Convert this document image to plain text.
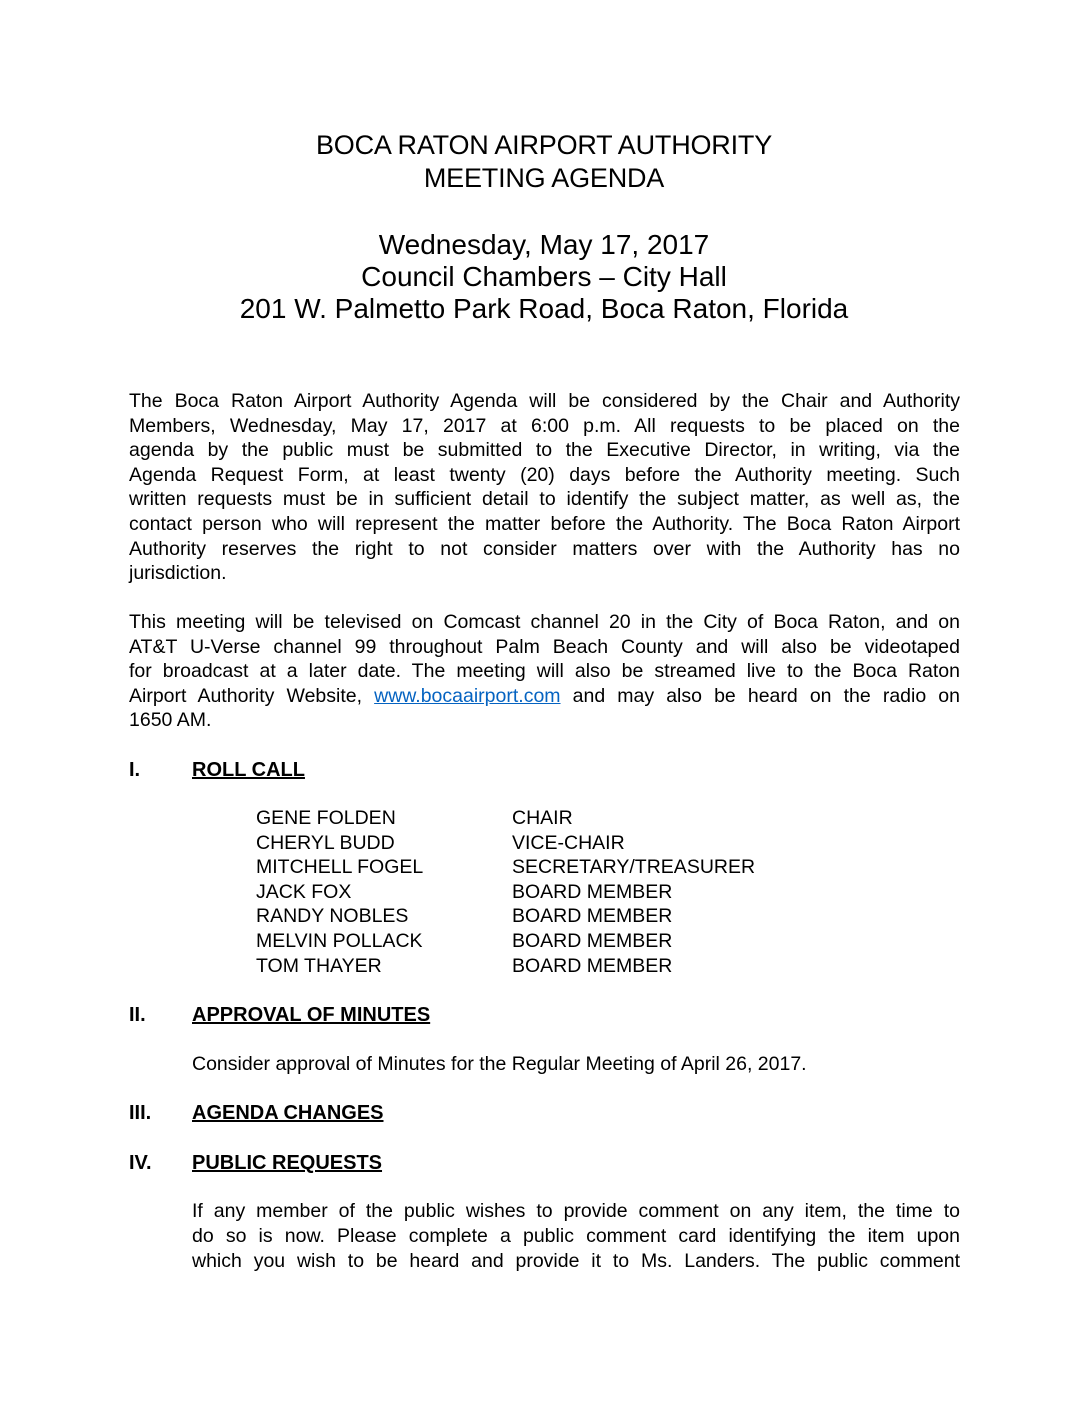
BOCA RATON AIRPORT AUTHORITY
MEETING AGENDA
Wednesday, May 17, 2017
Council Chambers – City Hall
201 W. Palmetto Park Road, Boca Raton, Florida
The Boca Raton Airport Authority Agenda will be considered by the Chair and Authority
Members, Wednesday, May 17, 2017 at 6:00 p.m. All requests to be placed on the
agenda by the public must be submitted to the Executive Director, in writing, via the
Agenda Request Form, at least twenty (20) days before the Authority meeting. Such
written requests must be in sufficient detail to identify the subject matter, as well as, the
contact person who will represent the matter before the Authority. The Boca Raton Airport
Authority reserves the right to not consider matters over with the Authority has no
jurisdiction.
This meeting will be televised on Comcast channel 20 in the City of Boca Raton, and on
AT&T U-Verse channel 99 throughout Palm Beach County and will also be videotaped
for broadcast at a later date. The meeting will also be streamed live to the Boca Raton
Airport Authority Website, www.bocaairport.com and may also be heard on the radio on
1650 AM.
I.	ROLL CALL
GENE FOLDEN	CHAIR
CHERYL BUDD	VICE-CHAIR
MITCHELL FOGEL	SECRETARY/TREASURER
JACK FOX	BOARD MEMBER
RANDY NOBLES	BOARD MEMBER
MELVIN POLLACK	BOARD MEMBER
TOM THAYER	BOARD MEMBER
II. APPROVAL OF MINUTES
Consider approval of Minutes for the Regular Meeting of April 26, 2017.
III. AGENDA CHANGES
IV. PUBLIC REQUESTS
If any member of the public wishes to provide comment on any item, the time to
do so is now. Please complete a public comment card identifying the item upon
which you wish to be heard and provide it to Ms. Landers. The public comment
